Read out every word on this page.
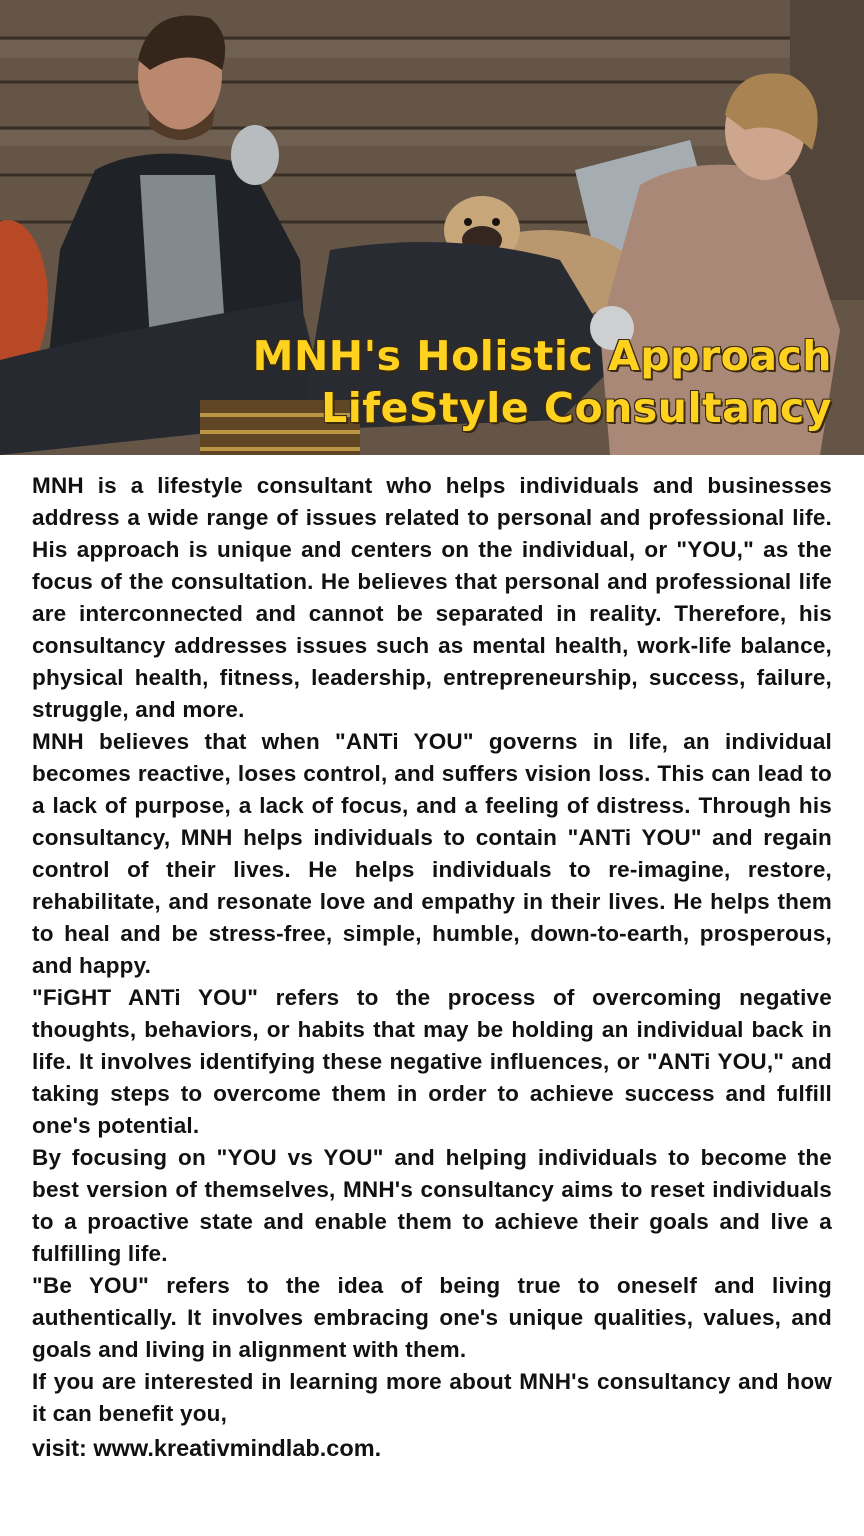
MNH's Holistic Approach
LifeStyle Consultancy

MNH is a lifestyle consultant who helps individuals and businesses address a wide range of issues related to personal and professional life. His approach is unique and centers on the individual, or "YOU," as the focus of the consultation. He believes that personal and professional life are interconnected and cannot be separated in reality. Therefore, his consultancy addresses issues such as mental health, work-life balance, physical health, fitness, leadership, entrepreneurship, success, failure, struggle, and more.

MNH believes that when "ANTi YOU" governs in life, an individual becomes reactive, loses control, and suffers vision loss. This can lead to a lack of purpose, a lack of focus, and a feeling of distress. Through his consultancy, MNH helps individuals to contain "ANTi YOU" and regain control of their lives. He helps individuals to re-imagine, restore, rehabilitate, and resonate love and empathy in their lives. He helps them to heal and be stress-free, simple, humble, down-to-earth, prosperous, and happy.

"FiGHT ANTi YOU" refers to the process of overcoming negative thoughts, behaviors, or habits that may be holding an individual back in life. It involves identifying these negative influences, or "ANTi YOU," and taking steps to overcome them in order to achieve success and fulfill one's potential.

By focusing on "YOU vs YOU" and helping individuals to become the best version of themselves, MNH's consultancy aims to reset individuals to a proactive state and enable them to achieve their goals and live a fulfilling life.

"Be YOU" refers to the idea of being true to oneself and living authentically. It involves embracing one's unique qualities, values, and goals and living in alignment with them.

If you are interested in learning more about MNH's consultancy and how it can benefit you,

visit: www.kreativmindlab.com.
